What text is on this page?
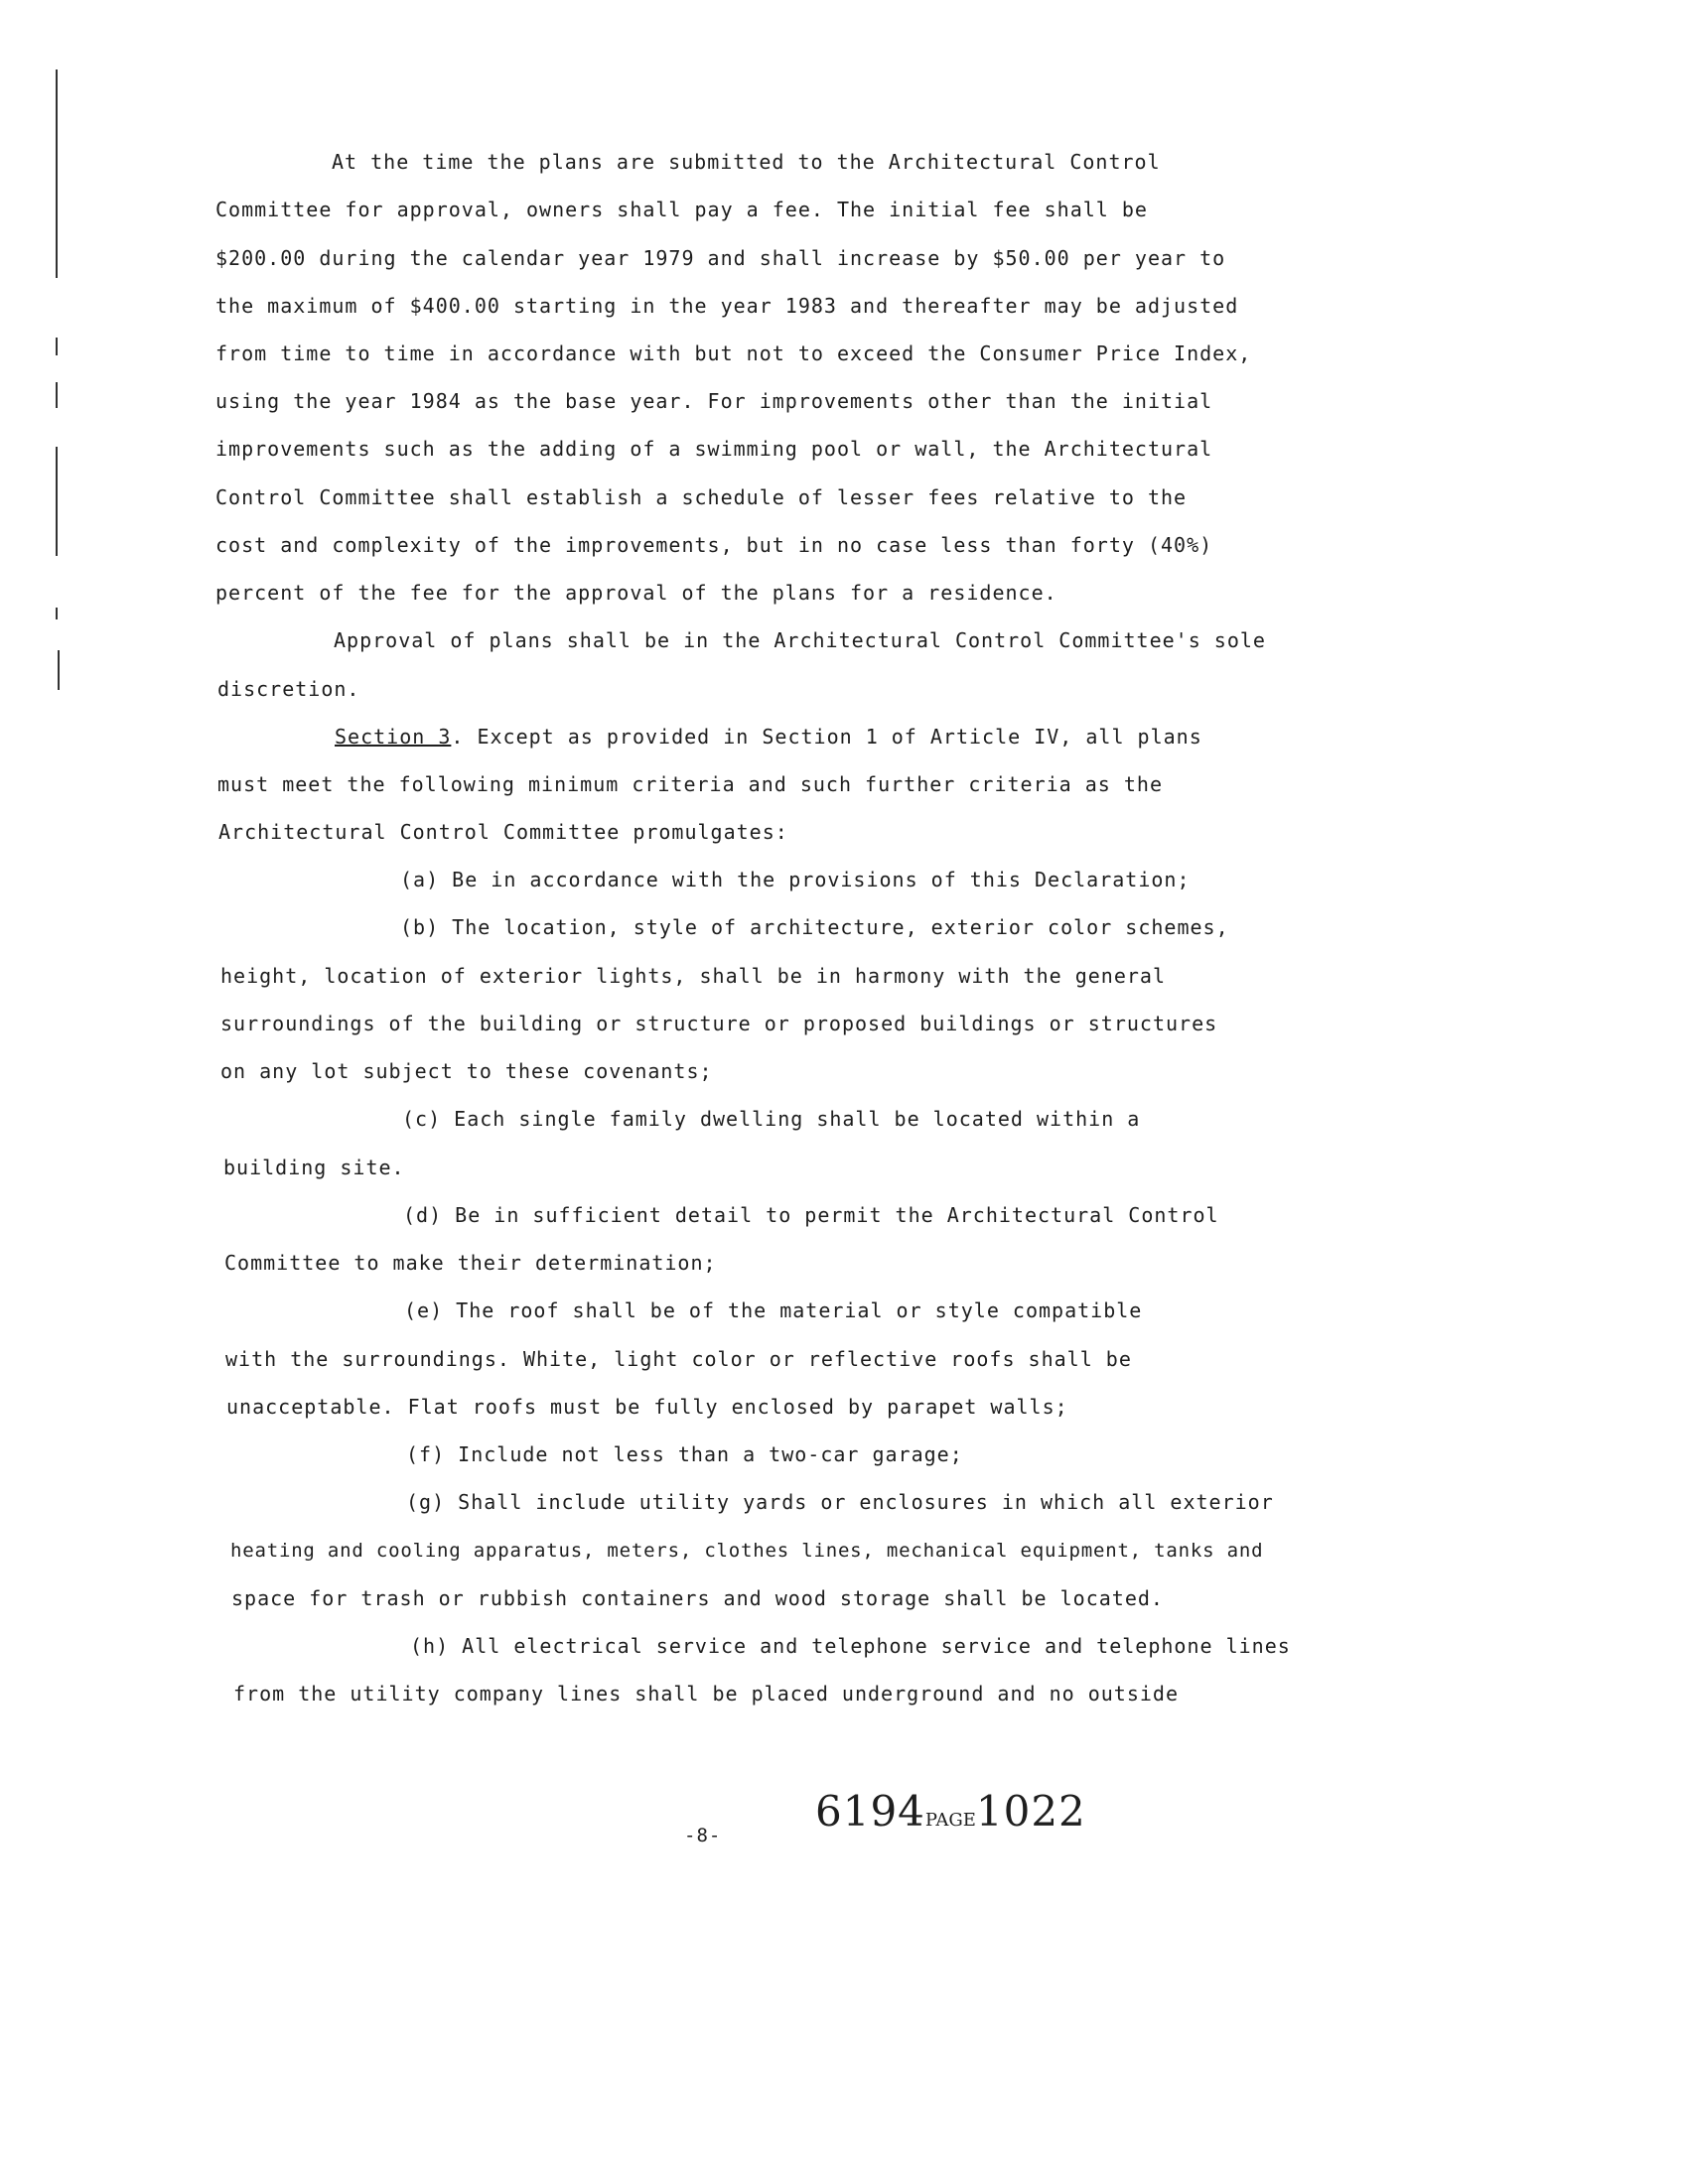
At the time the plans are submitted to the Architectural Control
Committee for approval, owners shall pay a fee. The initial fee shall be
$200.00 during the calendar year 1979 and shall increase by $50.00 per year to
the maximum of $400.00 starting in the year 1983 and thereafter may be adjusted
from time to time in accordance with but not to exceed the Consumer Price Index,
using the year 1984 as the base year. For improvements other than the initial
improvements such as the adding of a swimming pool or wall, the Architectural
Control Committee shall establish a schedule of lesser fees relative to the
cost and complexity of the improvements, but in no case less than forty (40%)
percent of the fee for the approval of the plans for a residence.
Approval of plans shall be in the Architectural Control Committee's sole
discretion.
Section 3. Except as provided in Section 1 of Article IV, all plans
must meet the following minimum criteria and such further criteria as the
Architectural Control Committee promulgates:
(a) Be in accordance with the provisions of this Declaration;
(b) The location, style of architecture, exterior color schemes,
height, location of exterior lights, shall be in harmony with the general
surroundings of the building or structure or proposed buildings or structures
on any lot subject to these covenants;
(c) Each single family dwelling shall be located within a
building site.
(d) Be in sufficient detail to permit the Architectural Control
Committee to make their determination;
(e) The roof shall be of the material or style compatible
with the surroundings. White, light color or reflective roofs shall be
unacceptable. Flat roofs must be fully enclosed by parapet walls;
(f) Include not less than a two-car garage;
(g) Shall include utility yards or enclosures in which all exterior
heating and cooling apparatus, meters, clothes lines, mechanical equipment, tanks and
space for trash or rubbish containers and wood storage shall be located.
(h) All electrical service and telephone service and telephone lines
from the utility company lines shall be placed underground and no outside
-8- 6194PAGE1022
